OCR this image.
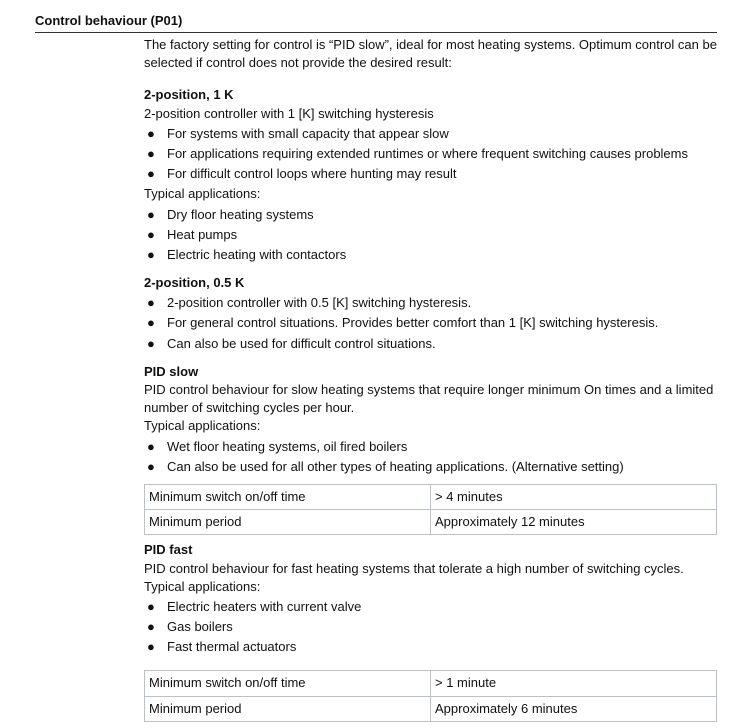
Control behaviour (P01)

The factory setting for control is “PID slow”, ideal for most heating systems. Optimum control can be selected if control does not provide the desired result:

2-position, 1 K

2-position controller with 1 [K] switching hysteresis

● For systems with small capacity that appear slow
● For applications requiring extended runtimes or where frequent switching causes problems
● For difficult control loops where hunting may result

Typical applications:

● Dry floor heating systems
● Heat pumps
● Electric heating with contactors
2-position, 0.5 K
● 2-position controller with 0.5 [K] switching hysteresis.
● For general control situations. Provides better comfort than 1 [K] switching hysteresis.
● Can also be used for difficult control situations.
PID slow

PID control behaviour for slow heating systems that require longer minimum On times and a limited number of switching cycles per hour.

Typical applications:

● Wet floor heating systems, oil fired boilers
● Can also be used for all other types of heating applications. (Alternative setting)
Minimum switch on/off time	> 4 minutes
Minimum period	Approximately 12 minutes
PID fast

PID control behaviour for fast heating systems that tolerate a high number of switching cycles.

Typical applications:

● Electric heaters with current valve
● Gas boilers
● Fast thermal actuators
Minimum switch on/off time	> 1 minute
Minimum period	Approximately 6 minutes
